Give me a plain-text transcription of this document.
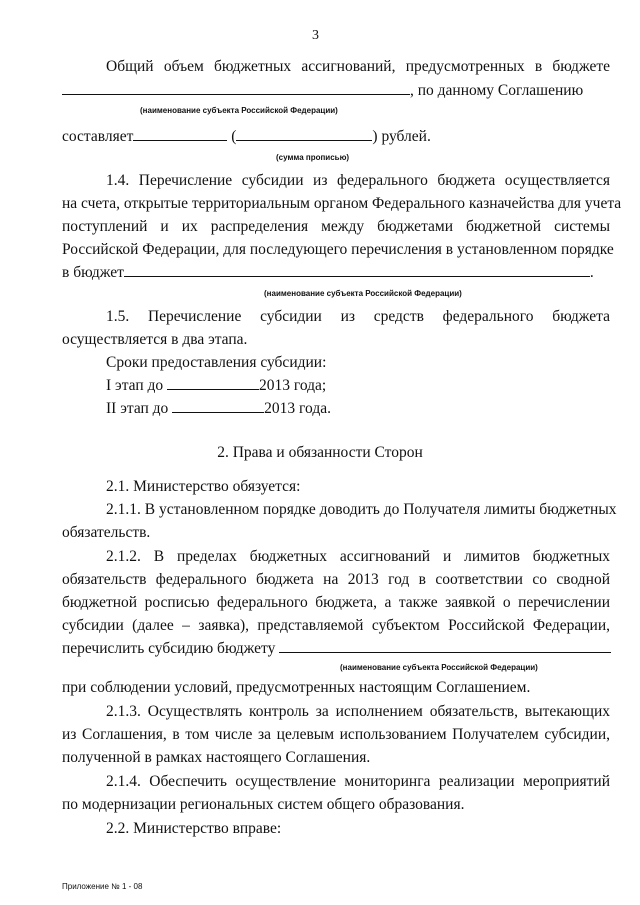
3
Общий объем бюджетных ассигнований, предусмотренных в бюджете
, по данному Соглашению
(наименование субъекта Российской Федерации)
составляет	(	) рублей.
(сумма прописью)
1.4. Перечисление субсидии из федерального бюджета осуществляется
на счета, открытые территориальным органом Федерального казначейства для учета
поступлений и их распределения между бюджетами бюджетной системы
Российской Федерации, для последующего перечисления в установленном порядке
в бюджет	.
(наименование субъекта Российской Федерации)
1.5. Перечисление субсидии из средств федерального бюджета
осуществляется в два этапа.
Сроки предоставления субсидии:
I этап до	2013 года;
II этап до	2013 года.
2. Права и обязанности Сторон
2.1. Министерство обязуется:
2.1.1. В установленном порядке доводить до Получателя лимиты бюджетных
обязательств.
2.1.2. В пределах бюджетных ассигнований и лимитов бюджетных
обязательств федерального бюджета на 2013 год в соответствии со сводной
бюджетной росписью федерального бюджета, а также заявкой о перечислении
субсидии (далее – заявка), представляемой субъектом Российской Федерации,
перечислить субсидию бюджету
(наименование субъекта Российской Федерации)
при соблюдении условий, предусмотренных настоящим Соглашением.
2.1.3. Осуществлять контроль за исполнением обязательств, вытекающих
из Соглашения, в том числе за целевым использованием Получателем субсидии,
полученной в рамках настоящего Соглашения.
2.1.4. Обеспечить осуществление мониторинга реализации мероприятий
по модернизации региональных систем общего образования.
2.2. Министерство вправе:
Приложение № 1 - 08
